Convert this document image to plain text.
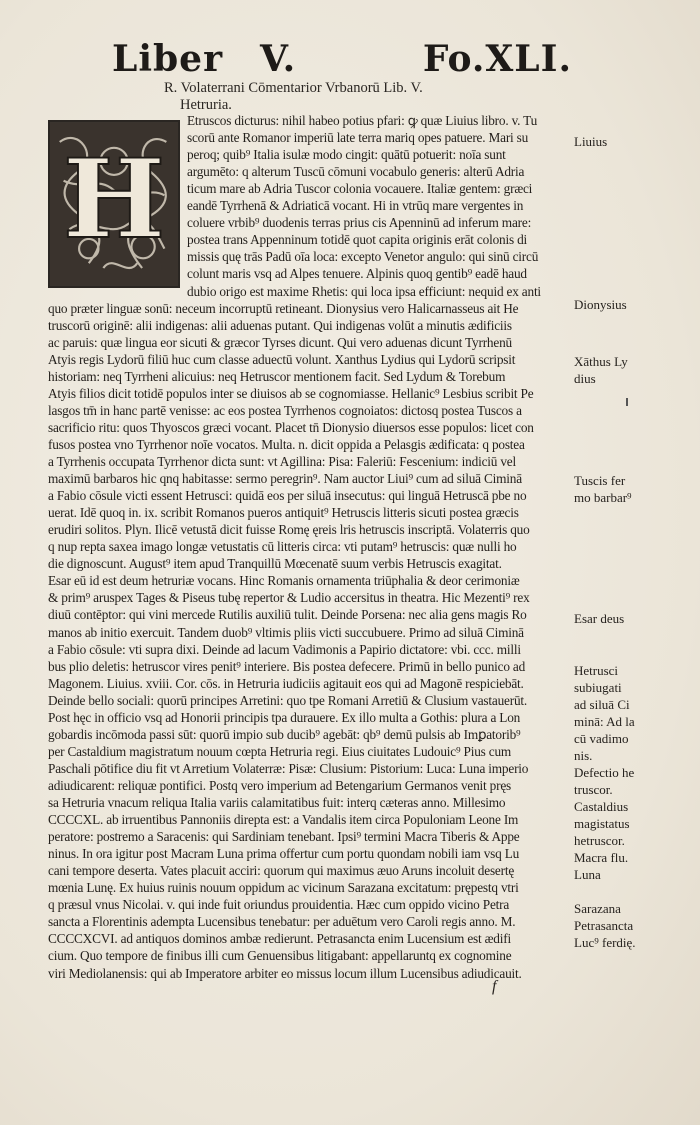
Liber V.	Fo.XLI.
R. Volaterrani Cōmentarior Vrbanorū Lib. V.
Hetruria.
H
Etruscos dicturus: nihil habeo potius pfari: ꝙ quæ Liuius libro. v. Tu
scorū ante Romanor imperiū late terra mariq opes patuere. Mari su
peroq; quib⁹ Italia isulæ modo cingit: quātū potuerit: noīa sunt
argumēto: q alterum Tuscū cōmuni vocabulo generis: alterū Adria
ticum mare ab Adria Tuscor colonia vocauere. Italiæ gentem: græci
eandē Tyrrhenā & Adriaticā vocant. Hi in vtrūq mare vergentes in
coluere vrbib⁹ duodenis terras prius cis Apenninū ad inferum mare:
postea trans Appenninum totidē quot capita originis erāt colonis di
missis quę trās Padū oīa loca: excepto Venetor angulo: qui sinū circū
colunt maris vsq ad Alpes tenuere. Alpinis quoq gentib⁹ eadē haud
dubio origo est maxime Rhetis: qui loca ipsa efficiunt: nequid ex anti
quo præter linguæ sonū: neceum incorruptū retineant. Dionysius vero Halicarnasseus ait He
truscorū originē: alii indigenas: alii aduenas putant. Qui indigenas volūt a minutis ædificiis
ac paruis: quæ lingua eor sicuti & græcor Tyrses dicunt. Qui vero aduenas dicunt Tyrrhenū
Atyis regis Lydorū filiū huc cum classe aduectū volunt. Xanthus Lydius qui Lydorū scripsit
historiam: neq Tyrrheni alicuius: neq Hetruscor mentionem facit. Sed Lydum & Torebum
Atyis filios dicit totidē populos inter se diuisos ab se cognomiasse. Hellanic⁹ Lesbius scribit Pe
lasgos tm̄ in hanc partē venisse: ac eos postea Tyrrhenos cognoiatos: dictosq postea Tuscos a
sacrificio ritu: quos Thyoscos græci vocant. Placet tn̄ Dionysio diuersos esse populos: licet con
fusos postea vno Tyrrhenor noīe vocatos. Multa. n. dicit oppida a Pelasgis ædificata: q postea
a Tyrrhenis occupata Tyrrhenor dicta sunt: vt Agillina: Pisa: Faleriū: Fescenium: indiciū vel
maximū barbaros hic qnq habitasse: sermo peregrin⁹. Nam auctor Liui⁹ cum ad siluā Ciminā
a Fabio cōsule victi essent Hetrusci: quidā eos per siluā insecutus: qui linguā Hetruscā pbe no
uerat. Idē quoq in. ix. scribit Romanos pueros antiquit⁹ Hetruscis litteris sicuti postea græcis
erudiri solitos. Plyn. Ilicē vetustā dicit fuisse Romę ęreis lris hetruscis inscriptā. Volaterris quo
q nup repta saxea imago longæ vetustatis cū litteris circa: vti putam⁹ hetruscis: quæ nulli ho
die dignoscunt. August⁹ item apud Tranquillū Mœcenatē suum verbis Hetruscis exagitat.
Esar eū id est deum hetruriæ vocans. Hinc Romanis ornamenta triūphalia & deor cerimoniæ
& prim⁹ aruspex Tages & Piseus tubę repertor & Ludio accersitus in theatra. Hic Mezenti⁹ rex
diuū contēptor: qui vini mercede Rutilis auxiliū tulit. Deinde Porsena: nec alia gens magis Ro
manos ab initio exercuit. Tandem duob⁹ vltimis pliis victi succubuere. Primo ad siluā Ciminā
a Fabio cōsule: vti supra dixi. Deinde ad lacum Vadimonis a Papirio dictatore: vbi. ccc. milli
bus plio deletis: hetruscor vires penit⁹ interiere. Bis postea defecere. Primū in bello punico ad
Magonem. Liuius. xviii. Cor. cōs. in Hetruria iudiciis agitauit eos qui ad Magonē respiciebāt.
Deinde bello sociali: quorū principes Arretini: quo tpe Romani Arretiū & Clusium vastauerūt.
Post hęc in officio vsq ad Honorii principis tpa durauere. Ex illo multa a Gothis: plura a Lon
gobardis incōmoda passi sūt: quorū impio sub ducib⁹ agebāt: qb⁹ demū pulsis ab Imꝑatorib⁹
per Castaldium magistratum nouum cœpta Hetruria regi. Eius ciuitates Ludouic⁹ Pius cum
Paschali pōtifice diu fit vt Arretium Volaterræ: Pisæ: Clusium: Pistorium: Luca: Luna imperio
adiudicarent: reliquæ pontifici. Postq vero imperium ad Betengarium Germanos venit pręs
sa Hetruria vnacum reliqua Italia variis calamitatibus fuit: interq cæteras anno. Millesimo
CCCCXL. ab irruentibus Pannoniis direpta est: a Vandalis item circa Populoniam Leone Im
peratore: postremo a Saracenis: qui Sardiniam tenebant. Ipsi⁹ termini Macra Tiberis & Appe
ninus. In ora igitur post Macram Luna prima offertur cum portu quondam nobili iam vsq Lu
cani tempore deserta. Vates placuit acciri: quorum qui maximus æuo Aruns incoluit desertę
mœnia Lunę. Ex huius ruinis nouum oppidum ac vicinum Sarazana excitatum: prępestq vtri
q præsul vnus Nicolai. v. qui inde fuit oriundus prouidentia. Hæc cum oppido vicino Petra
sancta a Florentinis adempta Lucensibus tenebatur: per aduētum vero Caroli regis anno. M.
CCCCXCVI. ad antiquos dominos ambæ redierunt. Petrasancta enim Lucensium est ædifi
cium. Quo tempore de finibus illi cum Genuensibus litigabant: appellaruntq ex cognomine
viri Mediolanensis: qui ab Imperatore arbiter eo missus locum illum Lucensibus adiudicauit.
Liuius
Dionysius
Xāthus Ly
dius
Tuscis fer
mo barbar⁹
Esar deus
Hetrusci
subiugati
ad siluā Ci
minā: Ad la
cū vadimo
nis.
Defectio he
truscor.
Castaldius
magistatus
hetruscor.
Macra flu.
Luna
Sarazana
Petrasancta
Luc⁹ ferdię.
f
